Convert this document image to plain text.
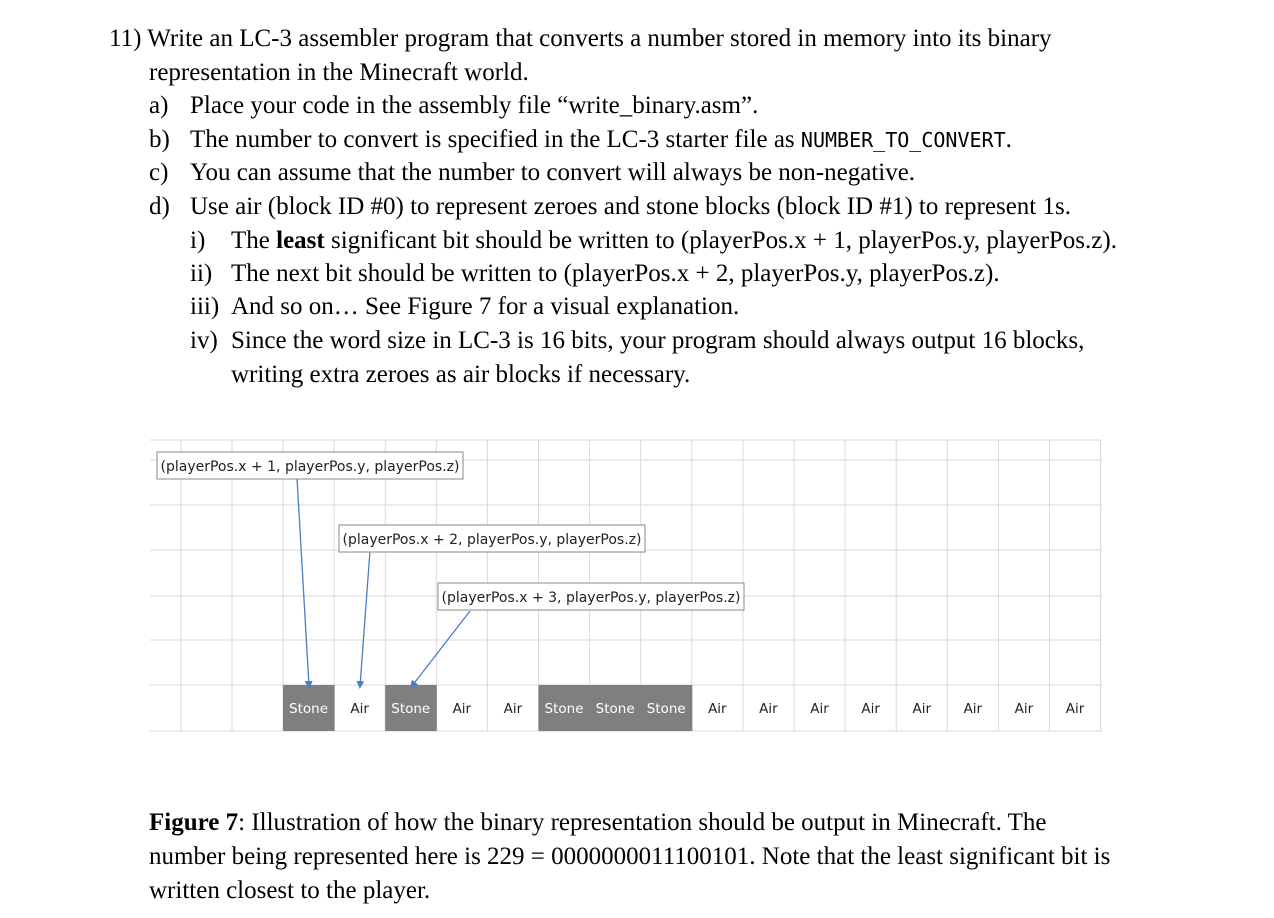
11) Write an LC-3 assembler program that converts a number stored in memory into its binary
representation in the Minecraft world.
a) Place your code in the assembly file “write_binary.asm”.
b) The number to convert is specified in the LC-3 starter file as NUMBER_TO_CONVERT.
c) You can assume that the number to convert will always be non-negative.
d) Use air (block ID #0) to represent zeroes and stone blocks (block ID #1) to represent 1s.
i) The least significant bit should be written to (playerPos.x + 1, playerPos.y, playerPos.z).
ii) The next bit should be written to (playerPos.x + 2, playerPos.y, playerPos.z).
iii) And so on… See Figure 7 for a visual explanation.
iv) Since the word size in LC-3 is 16 bits, your program should always output 16 blocks,
writing extra zeroes as air blocks if necessary.
Stone Air Stone Air Air Stone Stone Stone Air Air Air Air Air Air Air Air
(playerPos.x + 1, playerPos.y, playerPos.z)
(playerPos.x + 2, playerPos.y, playerPos.z)
(playerPos.x + 3, playerPos.y, playerPos.z)
Figure 7: Illustration of how the binary representation should be output in Minecraft. The
number being represented here is 229 = 0000000011100101. Note that the least significant bit is
written closest to the player.
